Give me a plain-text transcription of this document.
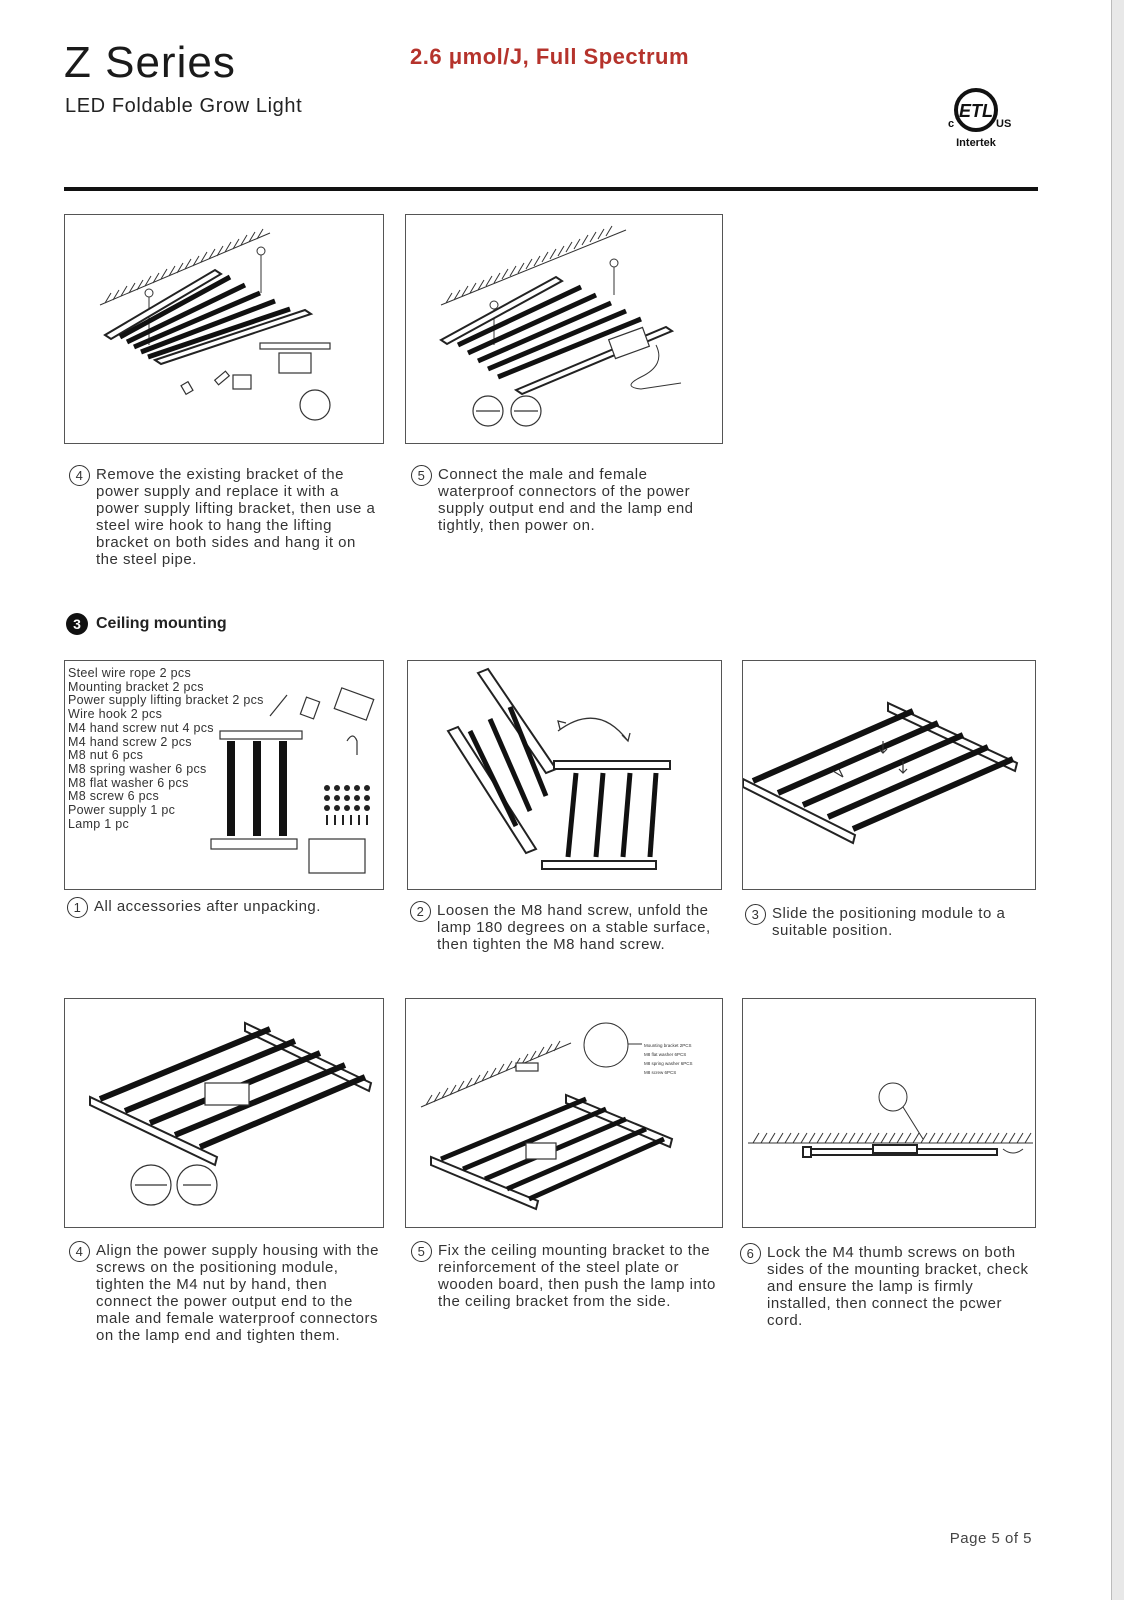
Z Series
LED Foldable Grow Light
2.6 μmol/J, Full Spectrum
ETL
c	US
Intertek
4 Remove the existing bracket of the power supply and replace it with a power supply lifting bracket, then use a steel wire hook to hang the lifting bracket on both sides and hang it on the steel pipe.
5 Connect the male and female waterproof connectors of the power supply output end and the lamp end tightly, then power on.
3 Ceiling mounting
Steel wire rope 2 pcs
Mounting bracket 2 pcs
Power supply lifting bracket 2 pcs
Wire hook 2 pcs
M4 hand screw nut 4 pcs
M4 hand screw 2 pcs
M8 nut 6 pcs
M8 spring washer 6 pcs
M8 flat washer 6 pcs
M8 screw 6 pcs
Power supply 1 pc
Lamp 1 pc
1 All accessories after unpacking.	2 Loosen the M8 hand screw, unfold the lamp 180 degrees on a stable surface, then tighten the M8 hand screw.
3 Slide the positioning module to a suitable position.
Mounting bracket 2PCS
M8 flat washer 6PCS
M8 spring washer 6PCS
M8 screw 6PCS
4 Align the power supply housing with the screws on the positioning module, tighten the M4 nut by hand, then connect the power output end to the male and female waterproof connectors on the lamp end and tighten them.
5 Fix the ceiling mounting bracket to the reinforcement of the steel plate or wooden board, then push the lamp into the ceiling bracket from the side.
6 Lock the M4 thumb screws on both sides of the mounting bracket, check and ensure the lamp is firmly installed, then connect the pcwer cord.
Page 5 of 5
